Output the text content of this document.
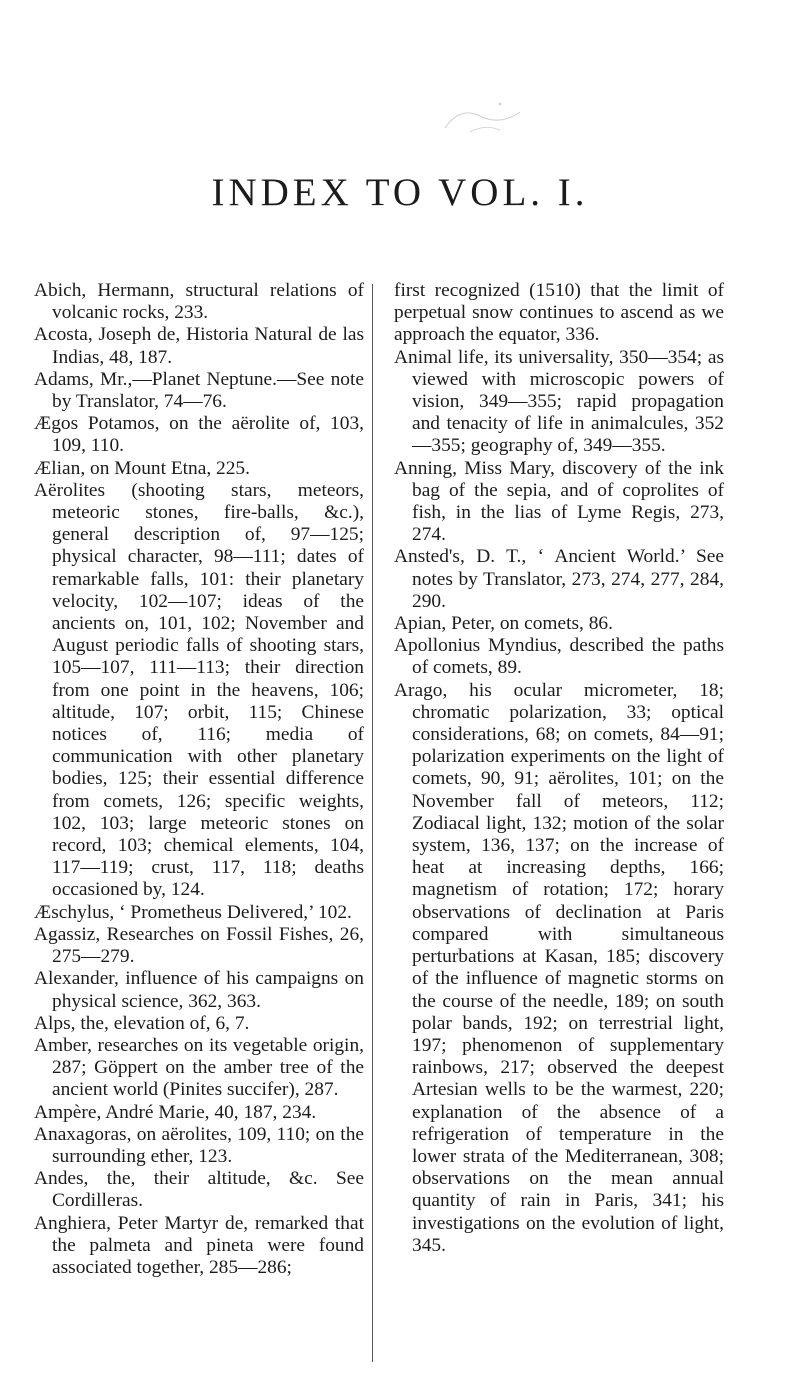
INDEX TO VOL. I.

Abich, Hermann, structural relations of volcanic rocks, 233.

Acosta, Joseph de, Historia Natural de las Indias, 48, 187.

Adams, Mr.,—Planet Neptune.—See note by Translator, 74—76.

Ægos Potamos, on the aërolite of, 103, 109, 110.

Ælian, on Mount Etna, 225.

Aërolites (shooting stars, meteors, meteoric stones, fire-balls, &c.), general description of, 97—125; physical character, 98—111; dates of remarkable falls, 101: their planetary velocity, 102—107; ideas of the ancients on, 101, 102; November and August periodic falls of shooting stars, 105—107, 111—113; their direction from one point in the heavens, 106; altitude, 107; orbit, 115; Chinese notices of, 116; media of communication with other planetary bodies, 125; their essential difference from comets, 126; specific weights, 102, 103; large meteoric stones on record, 103; chemical elements, 104, 117—119; crust, 117, 118; deaths occasioned by, 124.

Æschylus, ‘ Prometheus Delivered,’ 102.

Agassiz, Researches on Fossil Fishes, 26, 275—279.

Alexander, influence of his campaigns on physical science, 362, 363.

Alps, the, elevation of, 6, 7.

Amber, researches on its vegetable origin, 287; Göppert on the amber tree of the ancient world (Pinites succifer), 287.

Ampère, André Marie, 40, 187, 234.

Anaxagoras, on aërolites, 109, 110; on the surrounding ether, 123.

Andes, the, their altitude, &c. See Cordilleras.

Anghiera, Peter Martyr de, remarked that the palmeta and pineta were found associated together, 285—286;

first recognized (1510) that the limit of perpetual snow continues to ascend as we approach the equator, 336.

Animal life, its universality, 350—354; as viewed with microscopic powers of vision, 349—355; rapid propagation and tenacity of life in animalcules, 352—355; geography of, 349—355.

Anning, Miss Mary, discovery of the ink bag of the sepia, and of coprolites of fish, in the lias of Lyme Regis, 273, 274.

Ansted's, D. T., ‘ Ancient World.’ See notes by Translator, 273, 274, 277, 284, 290.

Apian, Peter, on comets, 86.

Apollonius Myndius, described the paths of comets, 89.

Arago, his ocular micrometer, 18; chromatic polarization, 33; optical considerations, 68; on comets, 84—91; polarization experiments on the light of comets, 90, 91; aërolites, 101; on the November fall of meteors, 112; Zodiacal light, 132; motion of the solar system, 136, 137; on the increase of heat at increasing depths, 166; magnetism of rotation; 172; horary observations of declination at Paris compared with simultaneous perturbations at Kasan, 185; discovery of the influence of magnetic storms on the course of the needle, 189; on south polar bands, 192; on terrestrial light, 197; phenomenon of supplementary rainbows, 217; observed the deepest Artesian wells to be the warmest, 220; explanation of the absence of a refrigeration of temperature in the lower strata of the Mediterranean, 308; observations on the mean annual quantity of rain in Paris, 341; his investigations on the evolution of light, 345.
